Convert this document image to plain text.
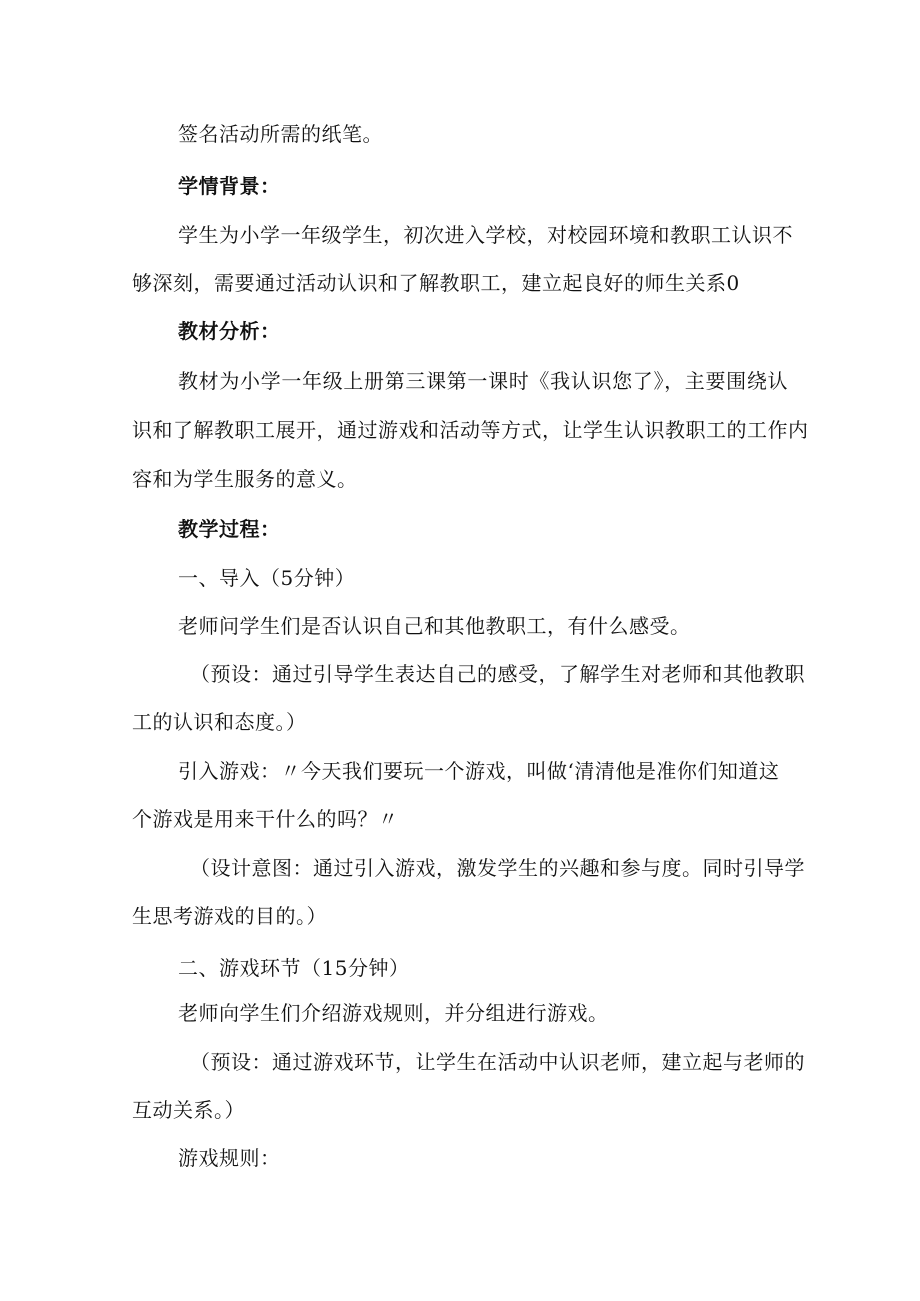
签名活动所需的纸笔。
学情背景：
学生为小学一年级学生，初次进入学校，对校园环境和教职工认识不
够深刻，需要通过活动认识和了解教职工，建立起良好的师生关系0
教材分析：
教材为小学一年级上册第三课第一课时《我认识您了》，主要围绕认
识和了解教职工展开，通过游戏和活动等方式，让学生认识教职工的工作内
容和为学生服务的意义。
教学过程：
一、导入（5分钟）
老师问学生们是否认识自己和其他教职工，有什么感受。
（预设：通过引导学生表达自己的感受，了解学生对老师和其他教职
工的认识和态度。）
引入游戏：〃今天我们要玩一个游戏，叫做‘清清他是准你们知道这
个游戏是用来干什么的吗？〃
（设计意图：通过引入游戏，激发学生的兴趣和参与度。同时引导学
生思考游戏的目的。）
二、游戏环节（15分钟）
老师向学生们介绍游戏规则，并分组进行游戏。
（预设：通过游戏环节，让学生在活动中认识老师，建立起与老师的
互动关系。）
游戏规则：
